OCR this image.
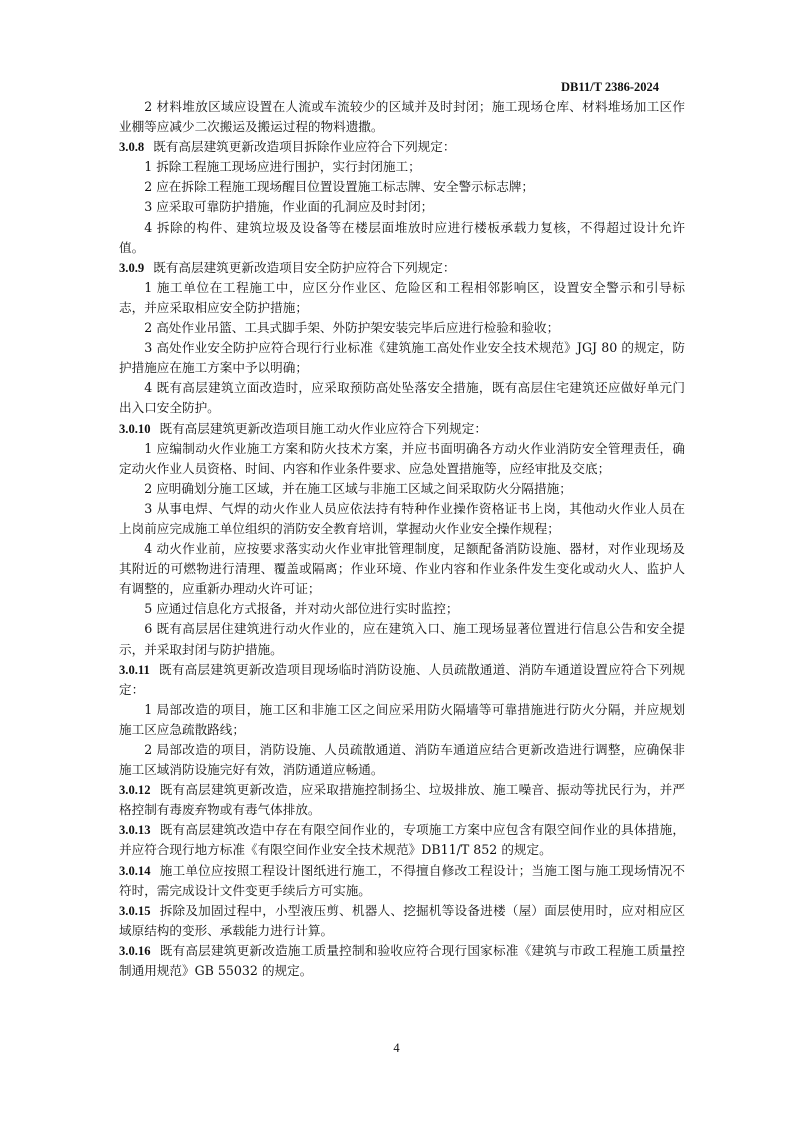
DB11/T 2386-2024

2 材料堆放区域应设置在人流或车流较少的区域并及时封闭；施工现场仓库、材料堆场加工区作业棚等应减少二次搬运及搬运过程的物料遗撒。

3.0.8 既有高层建筑更新改造项目拆除作业应符合下列规定：

1 拆除工程施工现场应进行围护，实行封闭施工；

2 应在拆除工程施工现场醒目位置设置施工标志牌、安全警示标志牌；

3 应采取可靠防护措施，作业面的孔洞应及时封闭；

4 拆除的构件、建筑垃圾及设备等在楼层面堆放时应进行楼板承载力复核，不得超过设计允许值。

3.0.9 既有高层建筑更新改造项目安全防护应符合下列规定：

1 施工单位在工程施工中，应区分作业区、危险区和工程相邻影响区，设置安全警示和引导标志，并应采取相应安全防护措施；

2 高处作业吊篮、工具式脚手架、外防护架安装完毕后应进行检验和验收；

3 高处作业安全防护应符合现行行业标准《建筑施工高处作业安全技术规范》JGJ 80 的规定，防护措施应在施工方案中予以明确；

4 既有高层建筑立面改造时，应采取预防高处坠落安全措施，既有高层住宅建筑还应做好单元门出入口安全防护。

3.0.10 既有高层建筑更新改造项目施工动火作业应符合下列规定：

1 应编制动火作业施工方案和防火技术方案，并应书面明确各方动火作业消防安全管理责任，确定动火作业人员资格、时间、内容和作业条件要求、应急处置措施等，应经审批及交底；

2 应明确划分施工区域，并在施工区域与非施工区域之间采取防火分隔措施；

3 从事电焊、气焊的动火作业人员应依法持有特种作业操作资格证书上岗，其他动火作业人员在上岗前应完成施工单位组织的消防安全教育培训，掌握动火作业安全操作规程；

4 动火作业前，应按要求落实动火作业审批管理制度，足额配备消防设施、器材，对作业现场及其附近的可燃物进行清理、覆盖或隔离；作业环境、作业内容和作业条件发生变化或动火人、监护人有调整的，应重新办理动火许可证；

5 应通过信息化方式报备，并对动火部位进行实时监控；

6 既有高层居住建筑进行动火作业的，应在建筑入口、施工现场显著位置进行信息公告和安全提示，并采取封闭与防护措施。

3.0.11 既有高层建筑更新改造项目现场临时消防设施、人员疏散通道、消防车通道设置应符合下列规定：

1 局部改造的项目，施工区和非施工区之间应采用防火隔墙等可靠措施进行防火分隔，并应规划施工区应急疏散路线；

2 局部改造的项目，消防设施、人员疏散通道、消防车通道应结合更新改造进行调整，应确保非施工区域消防设施完好有效，消防通道应畅通。

3.0.12 既有高层建筑更新改造，应采取措施控制扬尘、垃圾排放、施工噪音、振动等扰民行为，并严格控制有毒废弃物或有毒气体排放。

3.0.13 既有高层建筑改造中存在有限空间作业的，专项施工方案中应包含有限空间作业的具体措施，并应符合现行地方标准《有限空间作业安全技术规范》DB11/T 852 的规定。

3.0.14 施工单位应按照工程设计图纸进行施工，不得擅自修改工程设计；当施工图与施工现场情况不符时，需完成设计文件变更手续后方可实施。

3.0.15 拆除及加固过程中，小型液压剪、机器人、挖掘机等设备进楼（屋）面层使用时，应对相应区域原结构的变形、承载能力进行计算。

3.0.16 既有高层建筑更新改造施工质量控制和验收应符合现行国家标准《建筑与市政工程施工质量控制通用规范》GB 55032 的规定。

4
